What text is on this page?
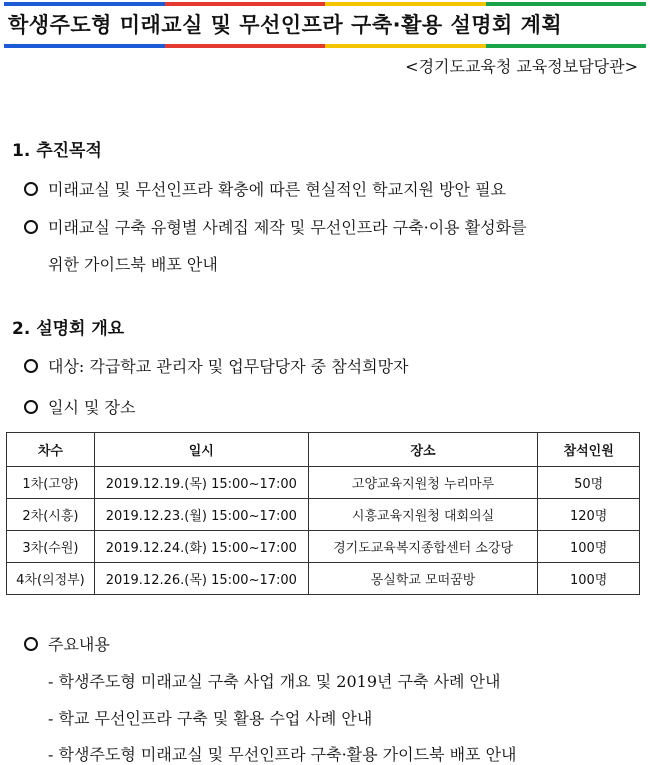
학생주도형 미래교실 및 무선인프라 구축·활용 설명회 계획
<경기도교육청 교육정보담당관>
1. 추진목적
미래교실 및 무선인프라 확충에 따른 현실적인 학교지원 방안 필요
미래교실 구축 유형별 사례집 제작 및 무선인프라 구축·이용 활성화를
위한 가이드북 배포 안내
2. 설명회 개요
대상: 각급학교 관리자 및 업무담당자 중 참석희망자
일시 및 장소
차수	일시	장소	참석인원
1차(고양)	2019.12.19.(목) 15:00~17:00	고양교육지원청 누리마루	50명
2차(시흥)	2019.12.23.(월) 15:00~17:00	시흥교육지원청 대회의실	120명
3차(수원)	2019.12.24.(화) 15:00~17:00	경기도교육복지종합센터 소강당	100명
4차(의정부)	2019.12.26.(목) 15:00~17:00	몽실학교 모떠꿈방	100명
주요내용
- 학생주도형 미래교실 구축 사업 개요 및 2019년 구축 사례 안내
- 학교 무선인프라 구축 및 활용 수업 사례 안내
- 학생주도형 미래교실 및 무선인프라 구축·활용 가이드북 배포 안내
